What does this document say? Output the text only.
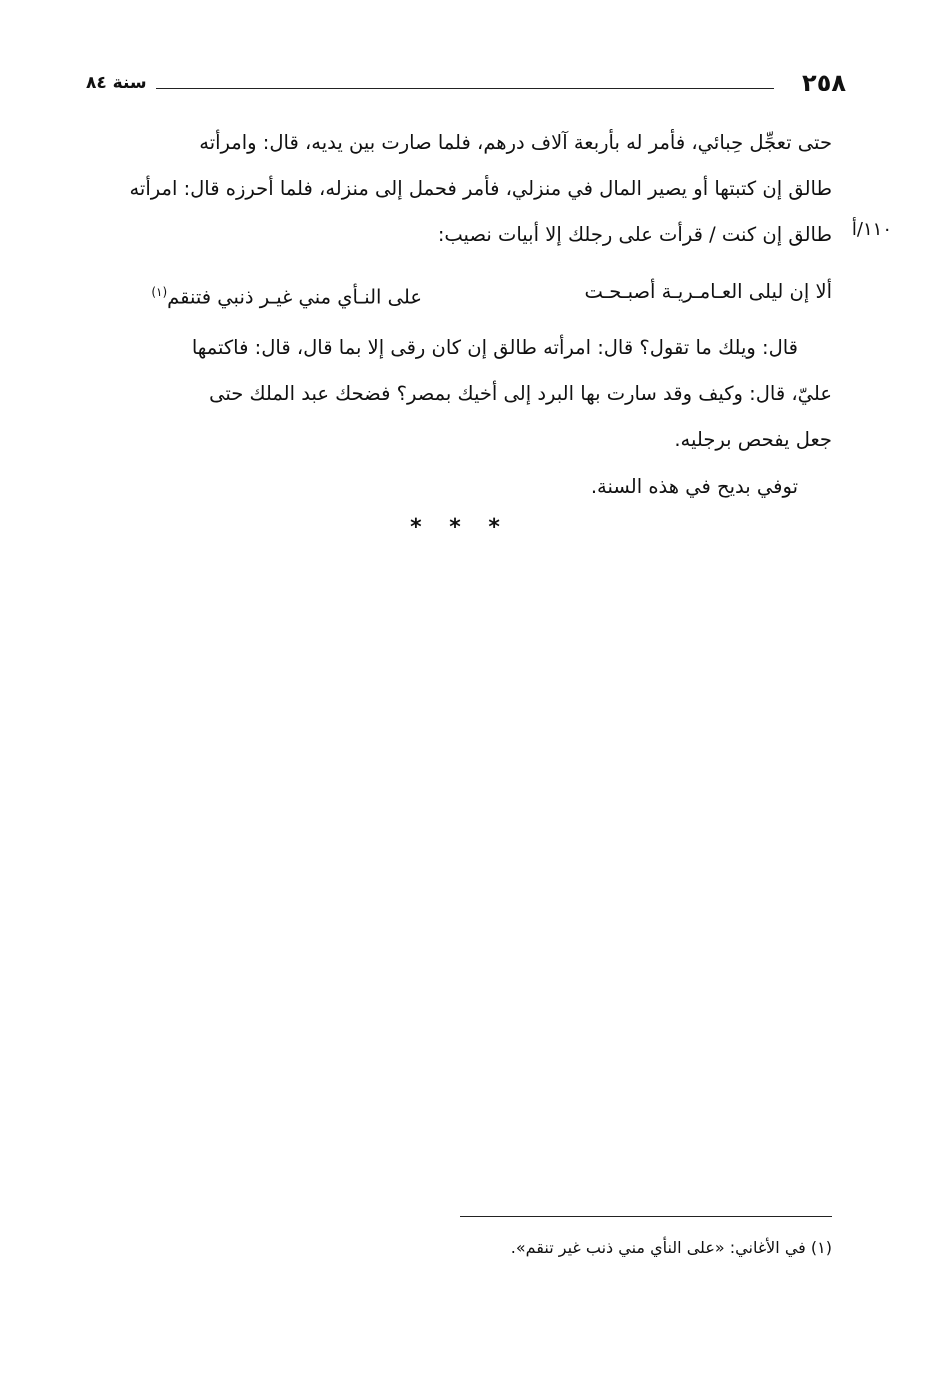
٢٥٨
سنة ٨٤
حتى تعجِّل حِبائي، فأمر له بأربعة آلاف درهم، فلما صارت بين يديه، قال: وامرأته
طالق إن كتبتها أو يصير المال في منزلي، فأمر فحمل إلى منزله، فلما أحرزه قال: امرأته
طالق إن كنت / قرأت على رجلك إلا أبيات نصيب: ١١٠/أ
ألا إن ليلى العـامـريـة أصبـحـت
على النـأي مني غيـر ذنبي فتنقم$^{(١)}$
قال: ويلك ما تقول؟ قال: امرأته طالق إن كان رقى إلا بما قال، قال: فاكتمها
عليّ، قال: وكيف وقد سارت بها البرد إلى أخيك بمصر؟ فضحك عبد الملك حتى
جعل يفحص برجليه.
توفي بديح في هذه السنة.
* * *
(١) في الأغاني: «على النأي مني ذنب غير تنقم».
